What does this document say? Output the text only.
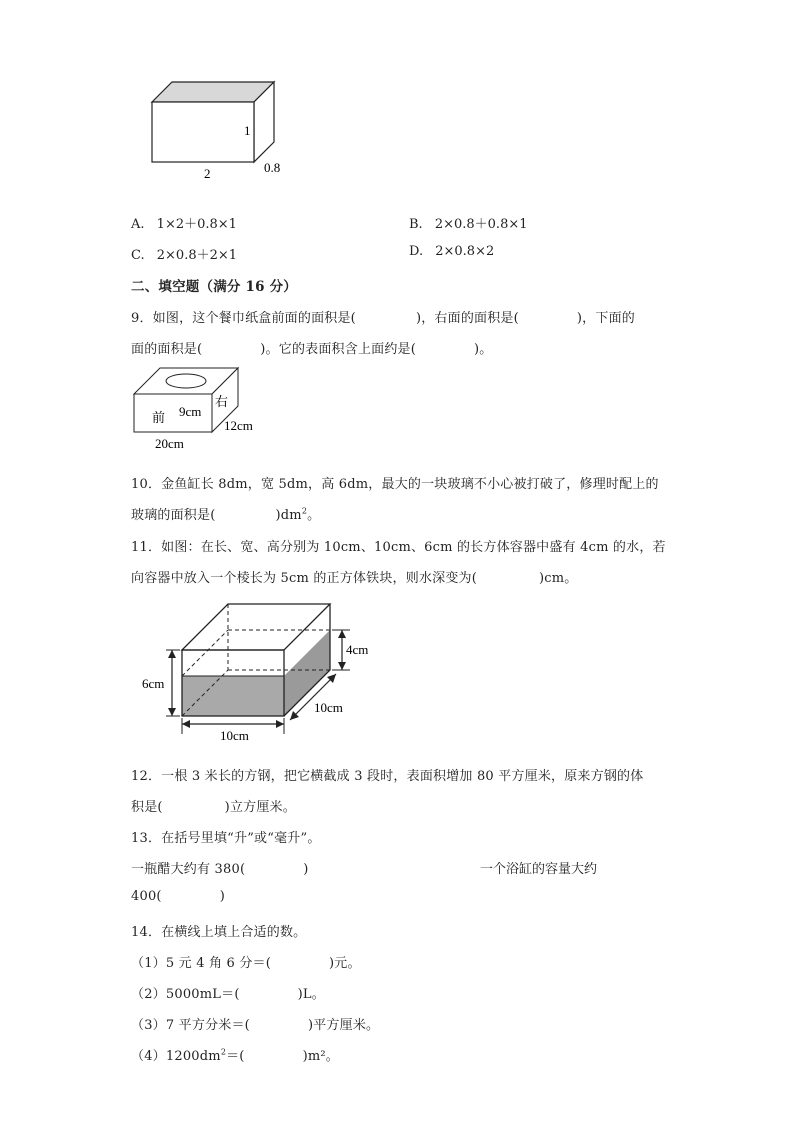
1
2	0.8
A. 1×2＋0.8×1	B. 2×0.8＋0.8×1
C. 2×0.8＋2×1	D. 2×0.8×2
二、填空题（满分 16 分）
9．如图，这个餐巾纸盒前面的面积是(	)，右面的面积是(	)，下面的
面的面积是(	)。它的表面积含上面约是(	)。
前 9cm
右
12cm
20cm
10．金鱼缸长 8dm，宽 5dm，高 6dm，最大的一块玻璃不小心被打破了，修理时配上的
玻璃的面积是(	)$dm^2$。
11．如图：在长、宽、高分别为 10cm、10cm、6cm 的长方体容器中盛有 4cm 的水，若
向容器中放入一个棱长为 5cm 的正方体铁块，则水深变为(	)cm。
6cm
4cm
10cm
10cm
12．一根 3 米长的方钢，把它横截成 3 段时，表面积增加 80 平方厘米，原来方钢的体
积是(	)立方厘米。
13．在括号里填“升”或“毫升”。
一瓶醋大约有 380(	)	一个浴缸的容量大约
400(	)
14．在横线上填上合适的数。
（1）5 元 4 角 6 分＝(	)元。
（2）5000mL＝(	)L。
（3）7 平方分米＝(	)平方厘米。
$(4)1200dm^2=$(	)m²。
